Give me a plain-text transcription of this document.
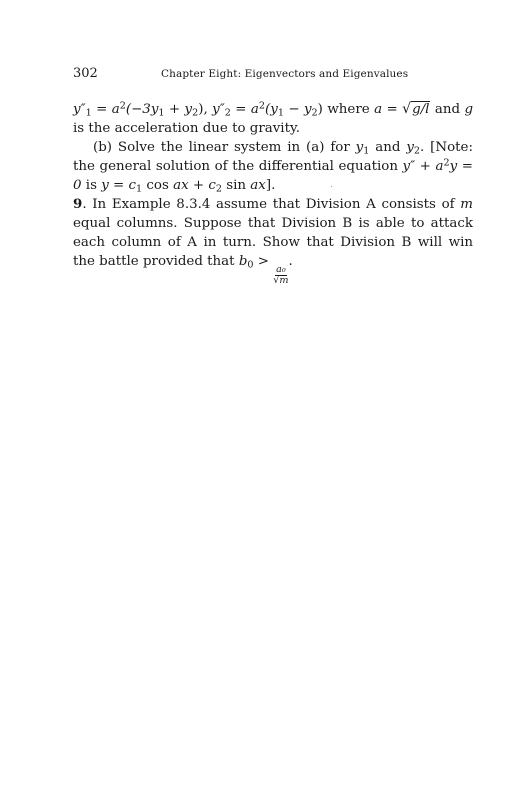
302	Chapter Eight: Eigenvectors and Eigenvalues

$y''_1 = a^2(-3y_1 + y_2)$, $y''_2 = a^2(y_1 - y_2)$ where a = √g/l and g is the acceleration due to gravity.

(b) Solve the linear system in (a) for $y_1$ and $y_2$. [Note: the general solution of the differential equation $y'' + a^2y = 0$ is $y = c_1$ cos ax + $c_2$ sin ax].

9. In Example 8.3.4 assume that Division A consists of m equal columns. Suppose that Division B is able to attack each column of A in turn. Show that Division B will win the battle provided that $b_0$ >
$\frac{\text{a₀}}{√m}$
.
